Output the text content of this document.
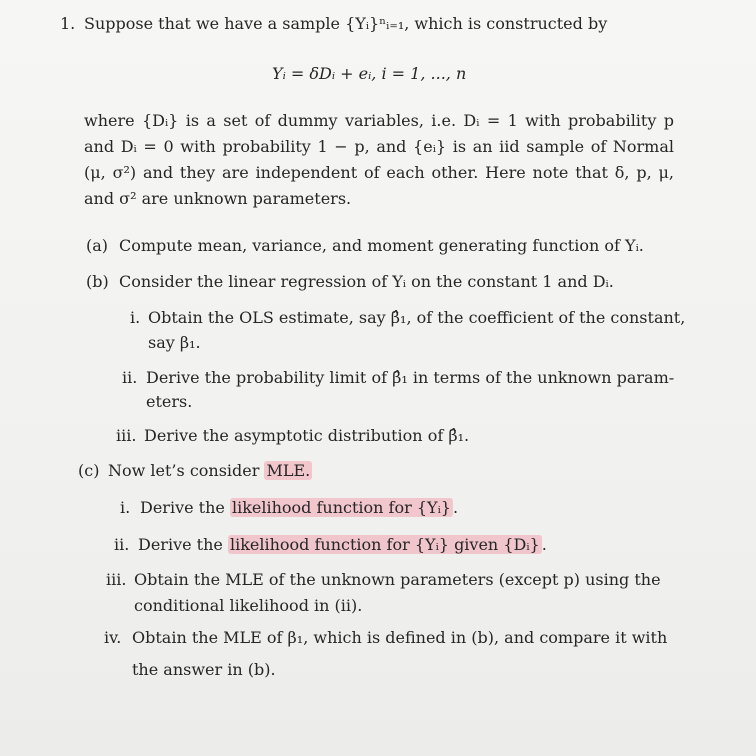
1. Suppose that we have a sample {Yᵢ}ⁿᵢ₌₁, which is constructed by
Yᵢ = δDᵢ + eᵢ, i = 1, ..., n
where {Dᵢ} is a set of dummy variables, i.e. Dᵢ = 1 with probability p and Dᵢ = 0 with probability 1 − p, and {eᵢ} is an iid sample of Normal (μ, σ²) and they are independent of each other. Here note that δ, p, μ, and σ² are unknown parameters.
(a) Compute mean, variance, and moment generating function of Yᵢ.
(b) Consider the linear regression of Yᵢ on the constant 1 and Dᵢ.
i. Obtain the OLS estimate, say β̂₁, of the coefficient of the constant,
say β₁.
ii. Derive the probability limit of β̂₁ in terms of the unknown param-
eters.
iii. Derive the asymptotic distribution of β̂₁.
(c) Now let’s consider MLE.
i. Derive the likelihood function for {Yᵢ} .
ii. Derive the likelihood function for {Yᵢ} given {Dᵢ} .
iii. Obtain the MLE of the unknown parameters (except p) using the
conditional likelihood in (ii).
iv. Obtain the MLE of β₁, which is defined in (b), and compare it with
the answer in (b).
